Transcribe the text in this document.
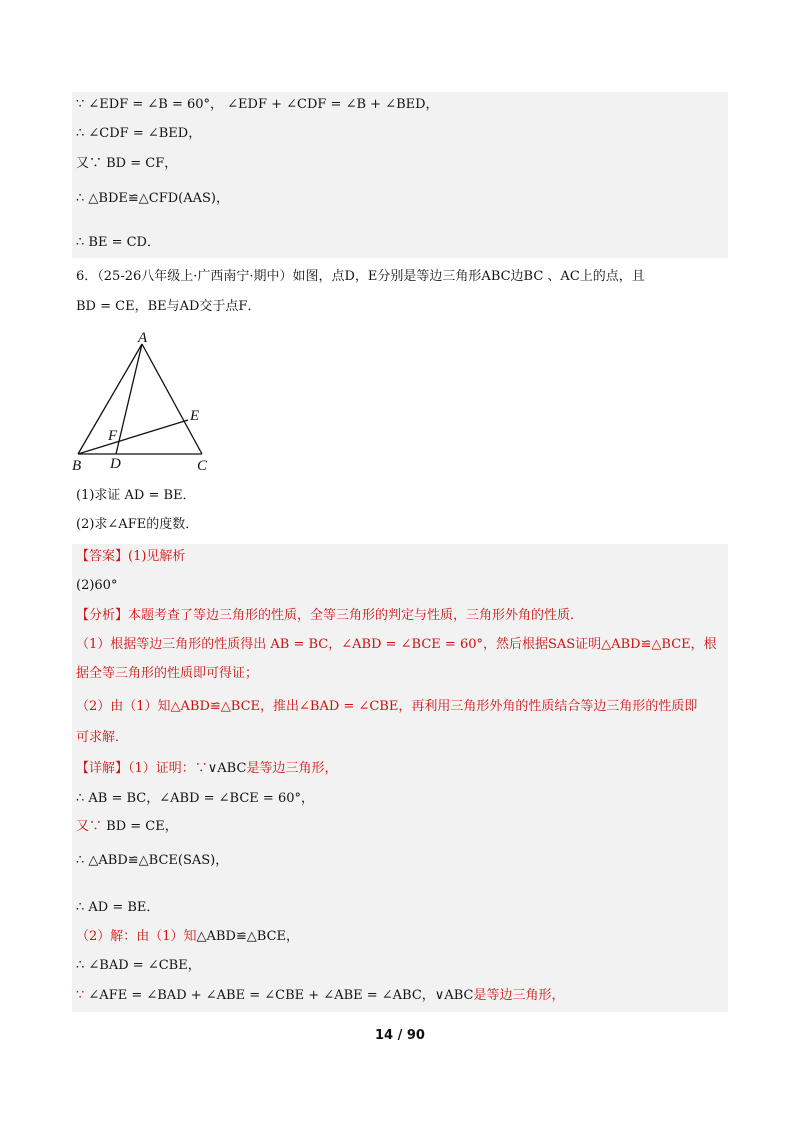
∵ ∠EDF = ∠B = 60°， ∠EDF + ∠CDF = ∠B + ∠BED，
∴ ∠CDF = ∠BED，
又∵ BD = CF，
∴ △BDE≌△CFD(AAS)，
∴ BE = CD．
6．（25-26八年级上·广西南宁·期中）如图，点D，E分别是等边三角形ABC边BC 、AC上的点，且
BD = CE，BE与AD交于点F．
A
B	C
D
E
F
(1)求证 AD = BE．
(2)求∠AFE的度数．
【答案】(1)见解析
(2)60°
【分析】本题考查了等边三角形的性质，全等三角形的判定与性质，三角形外角的性质．
（1）根据等边三角形的性质得出 AB = BC，∠ABD = ∠BCE = 60°，然后根据SAS证明△ABD≌△BCE，根
据全等三角形的性质即可得证；
（2）由（1）知△ABD≌△BCE，推出∠BAD = ∠CBE，再利用三角形外角的性质结合等边三角形的性质即
可求解．
【详解】（1）证明：∵∨ABC是等边三角形，
∴ AB = BC，∠ABD = ∠BCE = 60°，
又∵ BD = CE，
∴ △ABD≌△BCE(SAS)，
∴ AD = BE．
（2）解：由（1）知△ABD≌△BCE，
∴ ∠BAD = ∠CBE，
∵ ∠AFE = ∠BAD + ∠ABE = ∠CBE + ∠ABE = ∠ABC，∨ABC是等边三角形，
14 / 90
